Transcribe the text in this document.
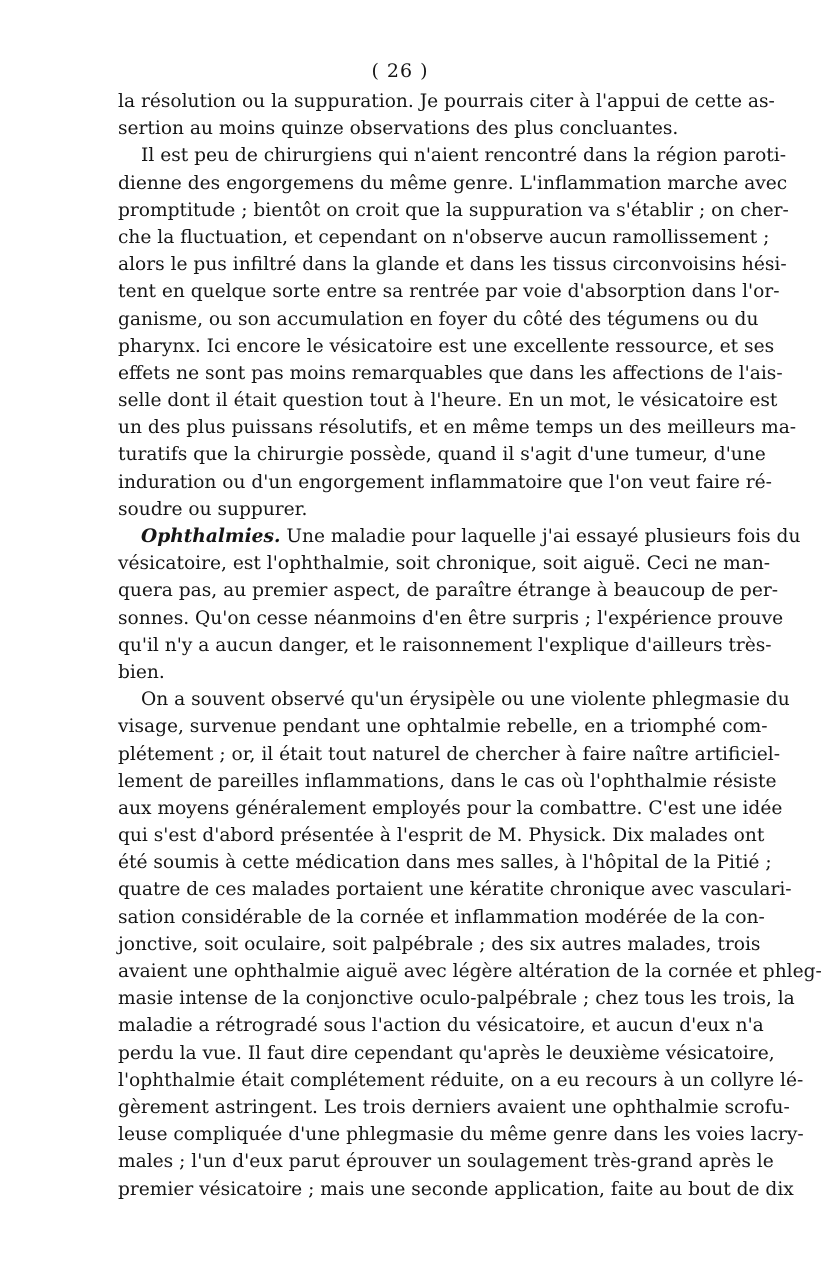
( 26 )
la résolution ou la suppuration. Je pourrais citer à l'appui de cette as-
sertion au moins quinze observations des plus concluantes.
Il est peu de chirurgiens qui n'aient rencontré dans la région paroti-
dienne des engorgemens du même genre. L'inflammation marche avec
promptitude ; bientôt on croit que la suppuration va s'établir ; on cher-
che la fluctuation, et cependant on n'observe aucun ramollissement ;
alors le pus infiltré dans la glande et dans les tissus circonvoisins hési-
tent en quelque sorte entre sa rentrée par voie d'absorption dans l'or-
ganisme, ou son accumulation en foyer du côté des tégumens ou du
pharynx. Ici encore le vésicatoire est une excellente ressource, et ses
effets ne sont pas moins remarquables que dans les affections de l'ais-
selle dont il était question tout à l'heure. En un mot, le vésicatoire est
un des plus puissans résolutifs, et en même temps un des meilleurs ma-
turatifs que la chirurgie possède, quand il s'agit d'une tumeur, d'une
induration ou d'un engorgement inflammatoire que l'on veut faire ré-
soudre ou suppurer.
Ophthalmies. Une maladie pour laquelle j'ai essayé plusieurs fois du
vésicatoire, est l'ophthalmie, soit chronique, soit aiguë. Ceci ne man-
quera pas, au premier aspect, de paraître étrange à beaucoup de per-
sonnes. Qu'on cesse néanmoins d'en être surpris ; l'expérience prouve
qu'il n'y a aucun danger, et le raisonnement l'explique d'ailleurs très-
bien.
On a souvent observé qu'un érysipèle ou une violente phlegmasie du
visage, survenue pendant une ophtalmie rebelle, en a triomphé com-
plétement ; or, il était tout naturel de chercher à faire naître artificiel-
lement de pareilles inflammations, dans le cas où l'ophthalmie résiste
aux moyens généralement employés pour la combattre. C'est une idée
qui s'est d'abord présentée à l'esprit de M. Physick. Dix malades ont
été soumis à cette médication dans mes salles, à l'hôpital de la Pitié ;
quatre de ces malades portaient une kératite chronique avec vasculari-
sation considérable de la cornée et inflammation modérée de la con-
jonctive, soit oculaire, soit palpébrale ; des six autres malades, trois
avaient une ophthalmie aiguë avec légère altération de la cornée et phleg-
masie intense de la conjonctive oculo-palpébrale ; chez tous les trois, la
maladie a rétrogradé sous l'action du vésicatoire, et aucun d'eux n'a
perdu la vue. Il faut dire cependant qu'après le deuxième vésicatoire,
l'ophthalmie était complétement réduite, on a eu recours à un collyre lé-
gèrement astringent. Les trois derniers avaient une ophthalmie scrofu-
leuse compliquée d'une phlegmasie du même genre dans les voies lacry-
males ; l'un d'eux parut éprouver un soulagement très-grand après le
premier vésicatoire ; mais une seconde application, faite au bout de dix
